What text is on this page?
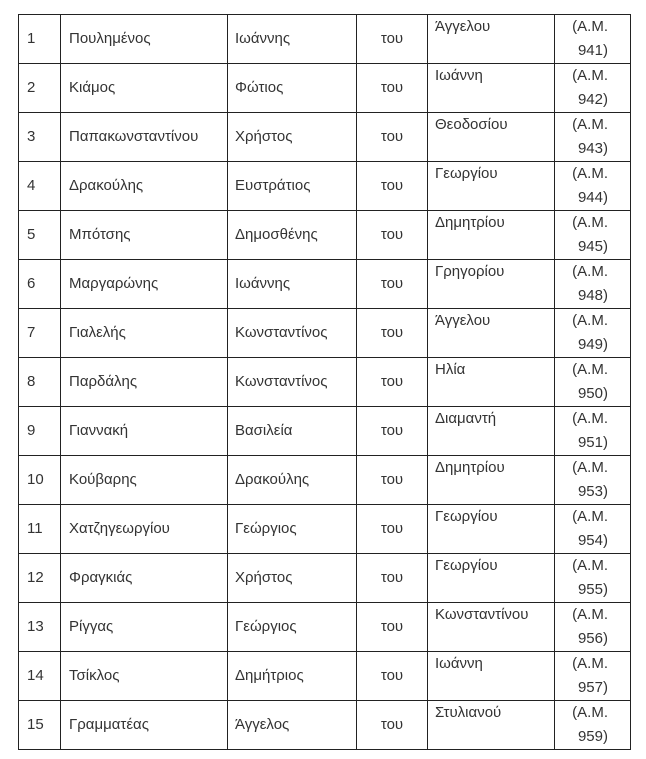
1	Πουλημένος	Ιωάννης	του	Άγγελου	(Α.Μ.
941)

2	Κιάμος	Φώτιος	του	Ιωάννη	(Α.Μ.
942)

3	Παπακωνσταντίνου	Χρήστος	του	Θεοδοσίου	(Α.Μ.
943)

4	Δρακούλης	Ευστράτιος	του	Γεωργίου	(Α.Μ.
944)

5	Μπότσης	Δημοσθένης	του	Δημητρίου	(Α.Μ.
945)

6	Μαργαρώνης	Ιωάννης	του	Γρηγορίου	(Α.Μ.
948)

7	Γιαλελής	Κωνσταντίνος	του	Άγγελου	(Α.Μ.
949)

8	Παρδάλης	Κωνσταντίνος	του	Ηλία	(Α.Μ.
950)

9	Γιαννακή	Βασιλεία	του	Διαμαντή	(Α.Μ.
951)

10	Κούβαρης	Δρακούλης	του	Δημητρίου	(Α.Μ.
953)

11	Χατζηγεωργίου	Γεώργιος	του	Γεωργίου	(Α.Μ.
954)

12	Φραγκιάς	Χρήστος	του	Γεωργίου	(Α.Μ.
955)

13	Ρίγγας	Γεώργιος	του	Κωνσταντίνου	(Α.Μ.
956)

14	Τσίκλος	Δημήτριος	του	Ιωάννη	(Α.Μ.
957)

15	Γραμματέας	Άγγελος	του	Στυλιανού	(Α.Μ.
959)
